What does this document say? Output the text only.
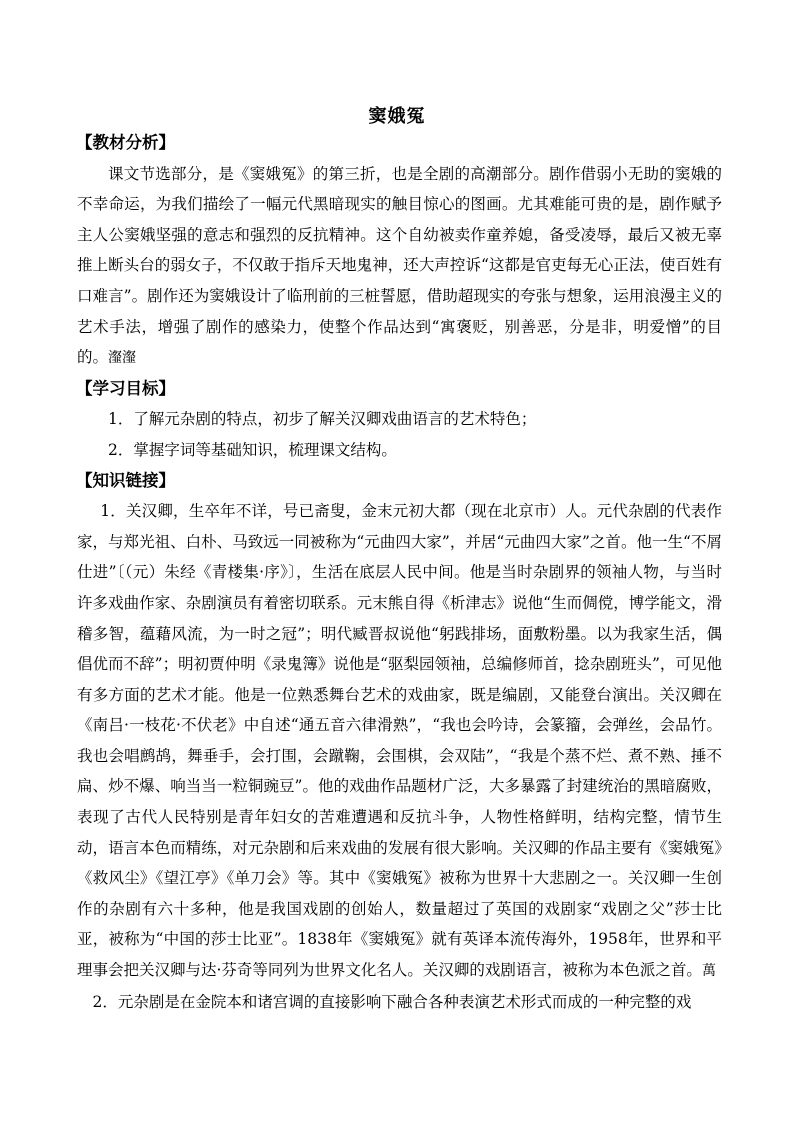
窦娥冤
【教材分析】
课文节选部分，是《窦娥冤》的第三折，也是全剧的高潮部分。剧作借弱小无助的窦娥的不幸命运，为我们描绘了一幅元代黑暗现实的触目惊心的图画。尤其难能可贵的是，剧作赋予主人公窦娥坚强的意志和强烈的反抗精神。这个自幼被卖作童养媳，备受凌辱，最后又被无辜推上断头台的弱女子，不仅敢于指斥天地鬼神，还大声控诉“这都是官吏每无心正法，使百姓有口难言”。剧作还为窦娥设计了临刑前的三桩誓愿，借助超现实的夸张与想象，运用浪漫主义的艺术手法，增强了剧作的感染力，使整个作品达到“寓褒贬，别善恶，分是非，明爱憎”的目的。瀣瀣
【学习目标】
1．了解元杂剧的特点，初步了解关汉卿戏曲语言的艺术特色；
2．掌握字词等基础知识，梳理课文结构。
【知识链接】
1．关汉卿，生卒年不详，号已斋叟，金末元初大都（现在北京市）人。元代杂剧的代表作家，与郑光祖、白朴、马致远一同被称为“元曲四大家”，并居“元曲四大家”之首。他一生“不屑仕进”〔（元）朱经《青楼集·序》〕，生活在底层人民中间。他是当时杂剧界的领袖人物，与当时许多戏曲作家、杂剧演员有着密切联系。元末熊自得《析津志》说他“生而倜傥，博学能文，滑稽多智，蕴藉风流，为一时之冠”；明代臧晋叔说他“躬践排场，面敷粉墨。以为我家生活，偶倡优而不辞”；明初贾仲明《录鬼簿》说他是“驱梨园领袖，总编修师首，捻杂剧班头”，可见他有多方面的艺术才能。他是一位熟悉舞台艺术的戏曲家，既是编剧，又能登台演出。关汉卿在《南吕·一枝花·不伏老》中自述“通五音六律滑熟”，“我也会吟诗，会篆籀，会弹丝，会品竹。我也会唱鹧鸪，舞垂手，会打围，会蹴鞠，会围棋，会双陆”，“我是个蒸不烂、煮不熟、捶不扁、炒不爆、响当当一粒铜豌豆”。他的戏曲作品题材广泛，大多暴露了封建统治的黑暗腐败，表现了古代人民特别是青年妇女的苦难遭遇和反抗斗争，人物性格鲜明，结构完整，情节生动，语言本色而精练，对元杂剧和后来戏曲的发展有很大影响。关汉卿的作品主要有《窦娥冤》《救风尘》《望江亭》《单刀会》等。其中《窦娥冤》被称为世界十大悲剧之一。关汉卿一生创作的杂剧有六十多种，他是我国戏剧的创始人，数量超过了英国的戏剧家“戏剧之父”莎士比亚，被称为“中国的莎士比亚”。1838年《窦娥冤》就有英译本流传海外，1958年，世界和平理事会把关汉卿与达·芬奇等同列为世界文化名人。关汉卿的戏剧语言，被称为本色派之首。萬
2．元杂剧是在金院本和诸宫调的直接影响下融合各种表演艺术形式而成的一种完整的戏
